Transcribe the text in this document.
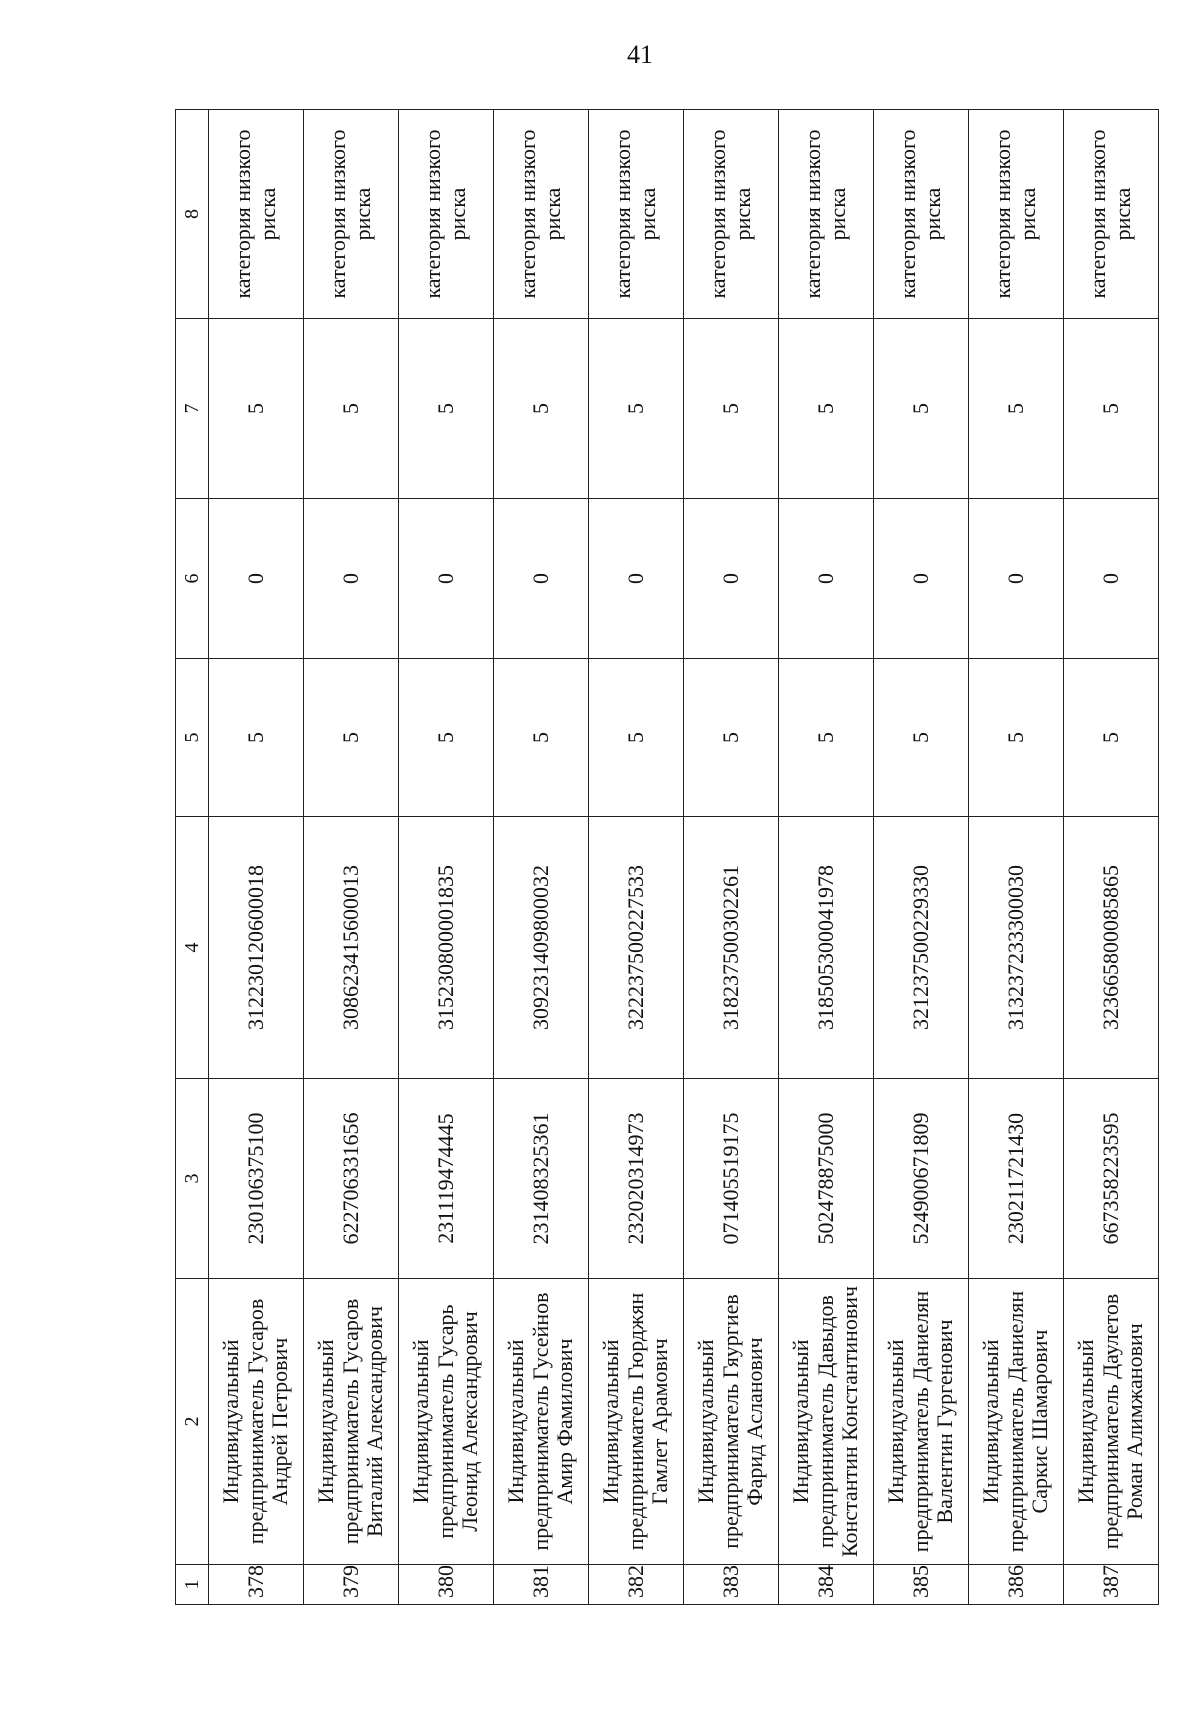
41
1	2	3	4	5	6	7	8
378	Индивидуальный предприниматель Гусаров Андрей Петрович	230106375100	312230120600018	5	0	5	категория низкого риска
379	Индивидуальный предприниматель Гусаров Виталий Александрович	622706331656	308623415600013	5	0	5	категория низкого риска
380	Индивидуальный предприниматель Гусарь Леонид Александрович	231119474445	315230800001835	5	0	5	категория низкого риска
381	Индивидуальный предприниматель Гусейнов Амир Фамилович	231408325361	309231409800032	5	0	5	категория низкого риска
382	Индивидуальный предприниматель Гюрджян Гамлет Арамович	232020314973	322237500227533	5	0	5	категория низкого риска
383	Индивидуальный предприниматель Гяургиев Фарид Асланович	071405519175	318237500302261	5	0	5	категория низкого риска
384	Индивидуальный предприниматель Давыдов Константин Константинович	502478875000	318505300041978	5	0	5	категория низкого риска
385	Индивидуальный предприниматель Даниелян Валентин Гургенович	524900671809	321237500229330	5	0	5	категория низкого риска
386	Индивидуальный предприниматель Даниелян Саркис Шамарович	230211721430	313237233300030	5	0	5	категория низкого риска
387	Индивидуальный предприниматель Даулетов Роман Алимжанович	667358223595	323665800085865	5	0	5	категория низкого риска
